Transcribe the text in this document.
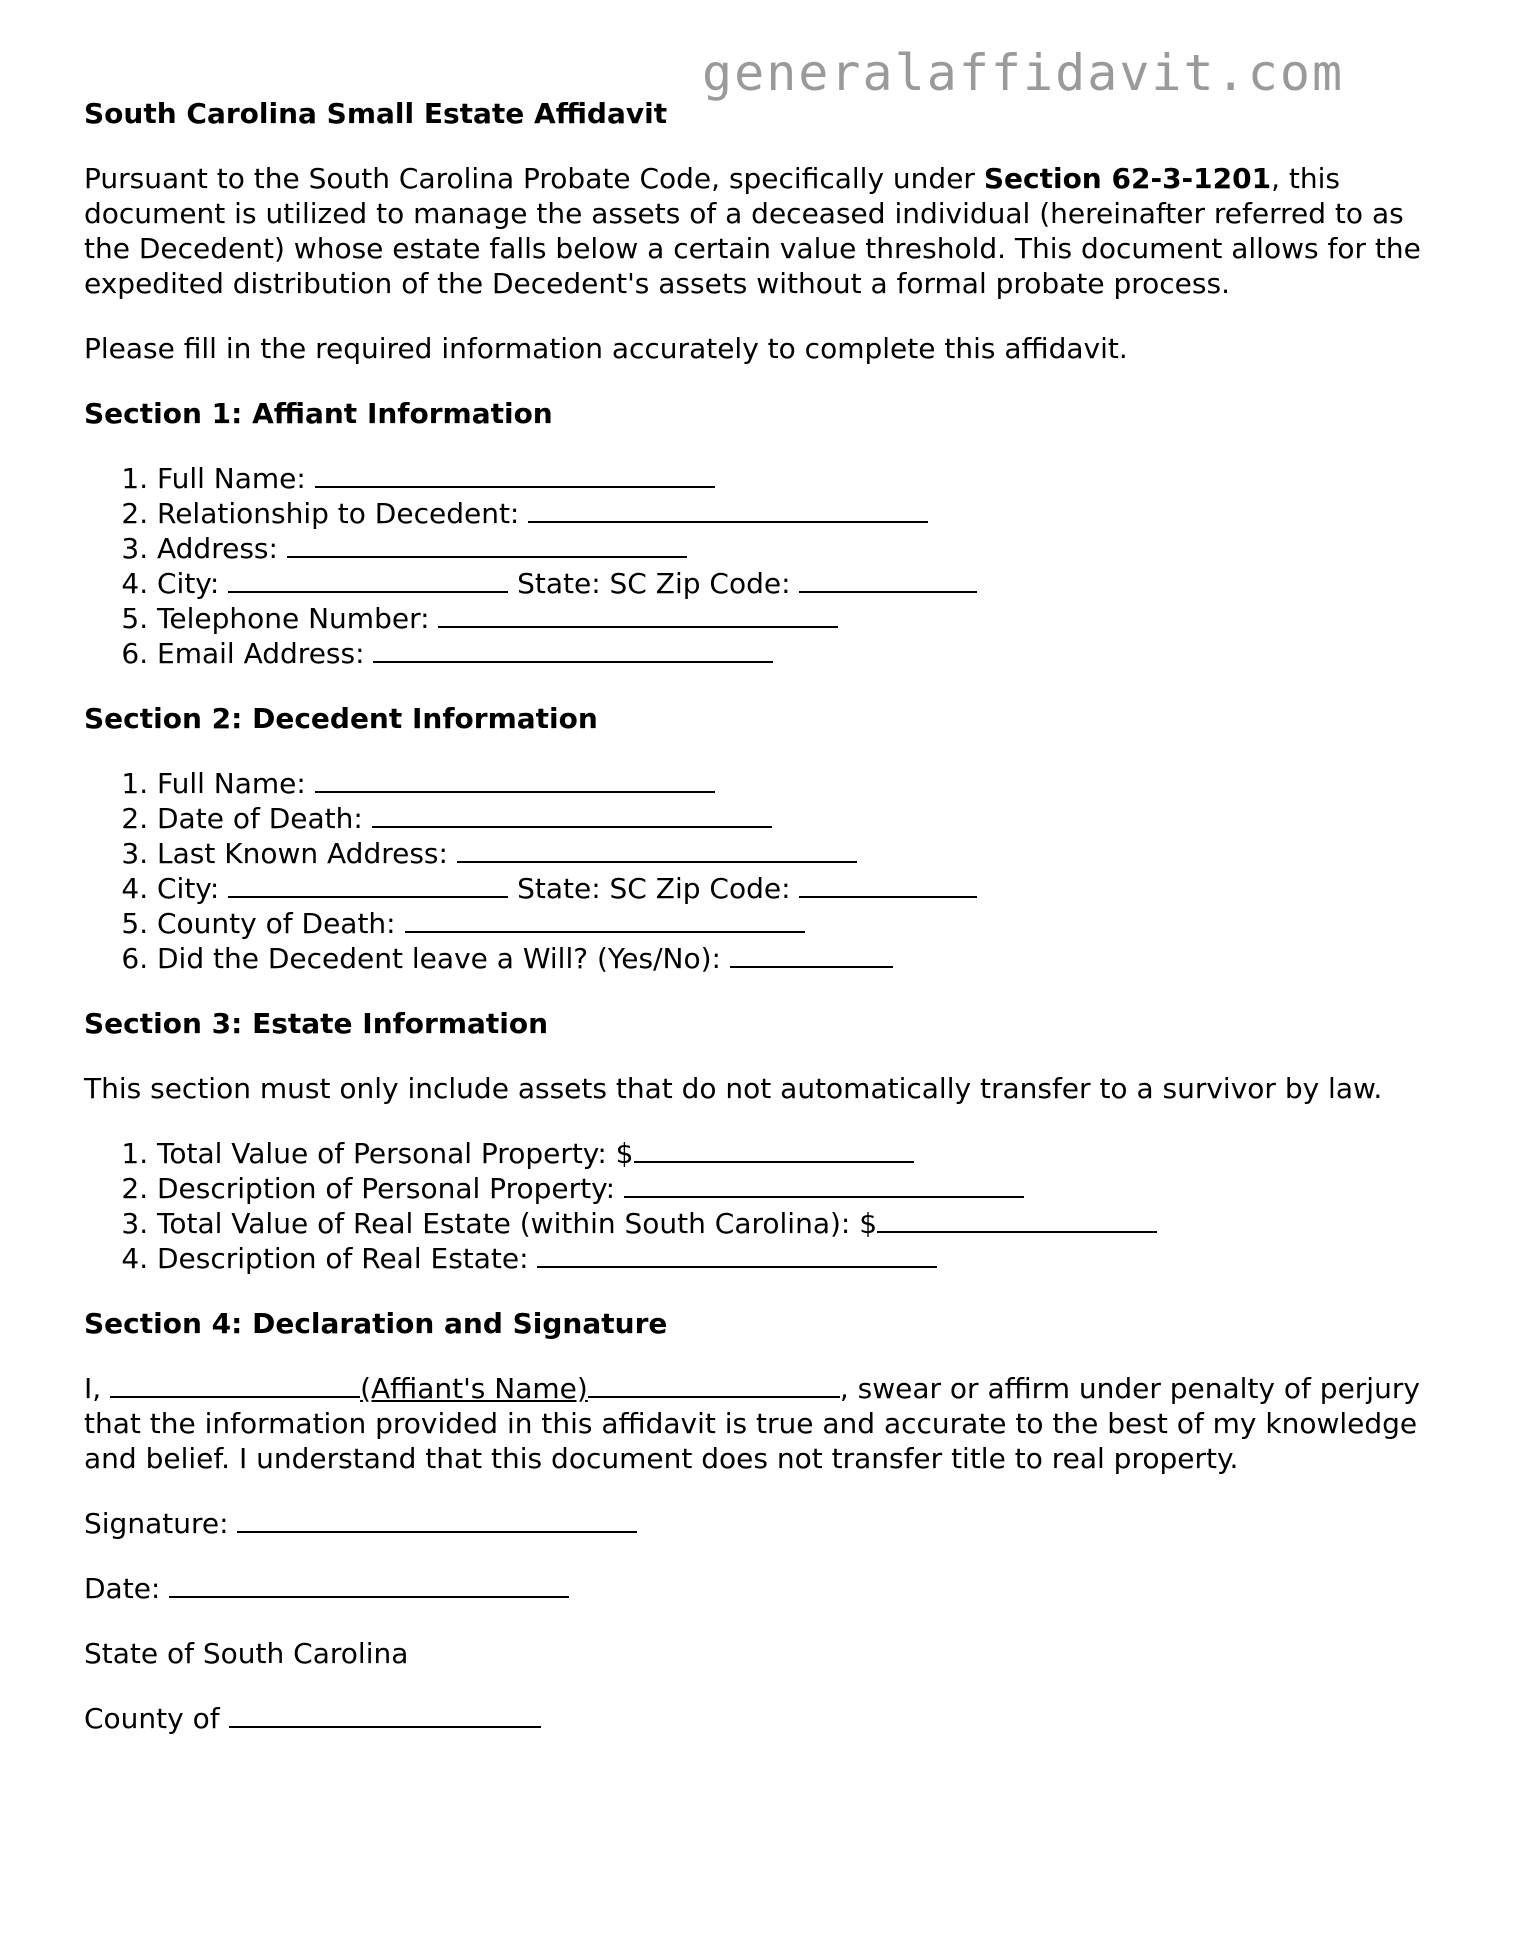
generalaffidavit.com
South Carolina Small Estate Affidavit

Pursuant to the South Carolina Probate Code, specifically under Section 62-3-1201, this document is utilized to manage the assets of a deceased individual (hereinafter referred to as the Decedent) whose estate falls below a certain value threshold. This document allows for the expedited distribution of the Decedent's assets without a formal probate process.

Please fill in the required information accurately to complete this affidavit.

Section 1: Affiant Information
1. Full Name:
2. Relationship to Decedent:
3. Address:
4. City:	State: SC Zip Code:
5. Telephone Number:
6. Email Address:
Section 2: Decedent Information
1. Full Name:
2. Date of Death:
3. Last Known Address:
4. City:	State: SC Zip Code:
5. County of Death:
6. Did the Decedent leave a Will? (Yes/No):
Section 3: Estate Information

This section must only include assets that do not automatically transfer to a survivor by law.

1. Total Value of Personal Property: $
2. Description of Personal Property:
3. Total Value of Real Estate (within South Carolina): $
4. Description of Real Estate:
Section 4: Declaration and Signature

I,	(Affiant's Name)	, swear or affirm under penalty of perjury that the information provided in this affidavit is true and accurate to the best of my knowledge and belief. I understand that this document does not transfer title to real property.

Signature:

Date:

State of South Carolina

County of
